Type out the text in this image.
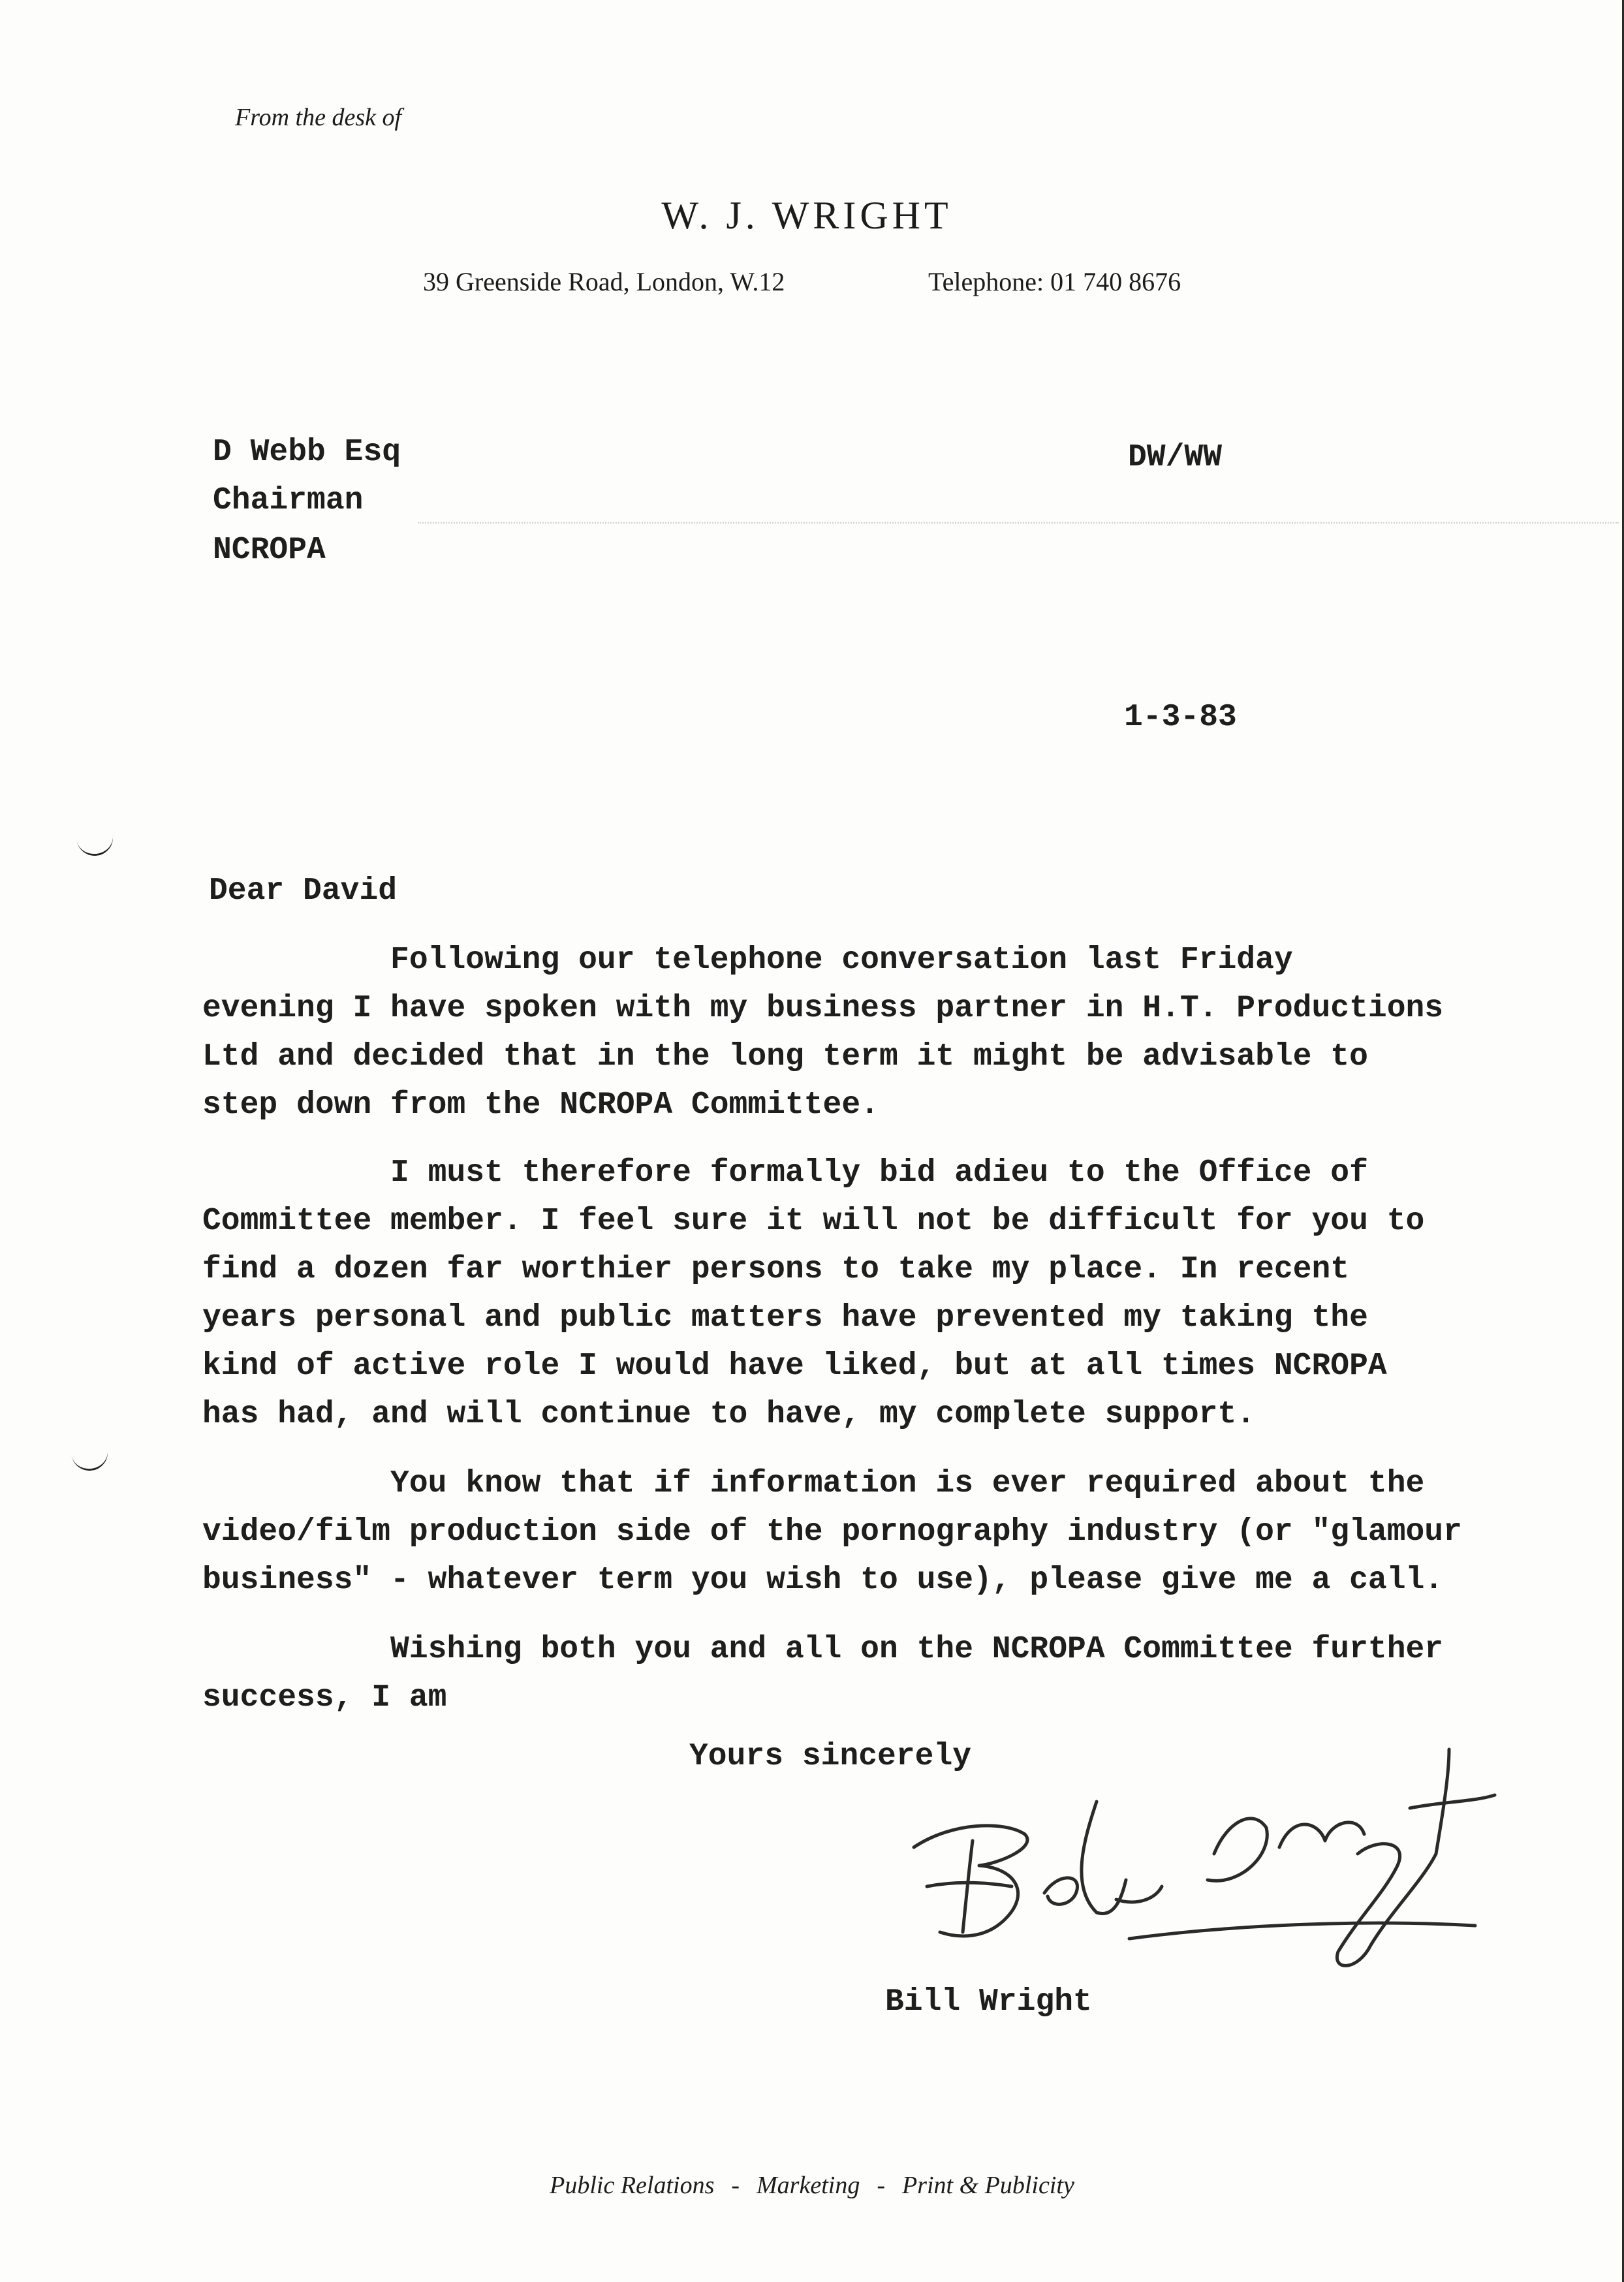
From the desk of
W. J. WRIGHT
39 Greenside Road, London, W.12	Telephone: 01 740 8676
D Webb Esq
Chairman
NCROPA
DW/WW
1-3-83
Dear David
Following our telephone conversation last Friday
evening I have spoken with my business partner in H.T. Productions
Ltd and decided that in the long term it might be advisable to
step down from the NCROPA Committee.
I must therefore formally bid adieu to the Office of
Committee member. I feel sure it will not be difficult for you to
find a dozen far worthier persons to take my place. In recent
years personal and public matters have prevented my taking the
kind of active role I would have liked, but at all times NCROPA
has had, and will continue to have, my complete support.
You know that if information is ever required about the
video/film production side of the pornography industry (or "glamour
business" - whatever term you wish to use), please give me a call.
Wishing both you and all on the NCROPA Committee further
success, I am
Yours sincerely
Bill Wright
Public Relations - Marketing - Print & Publicity
